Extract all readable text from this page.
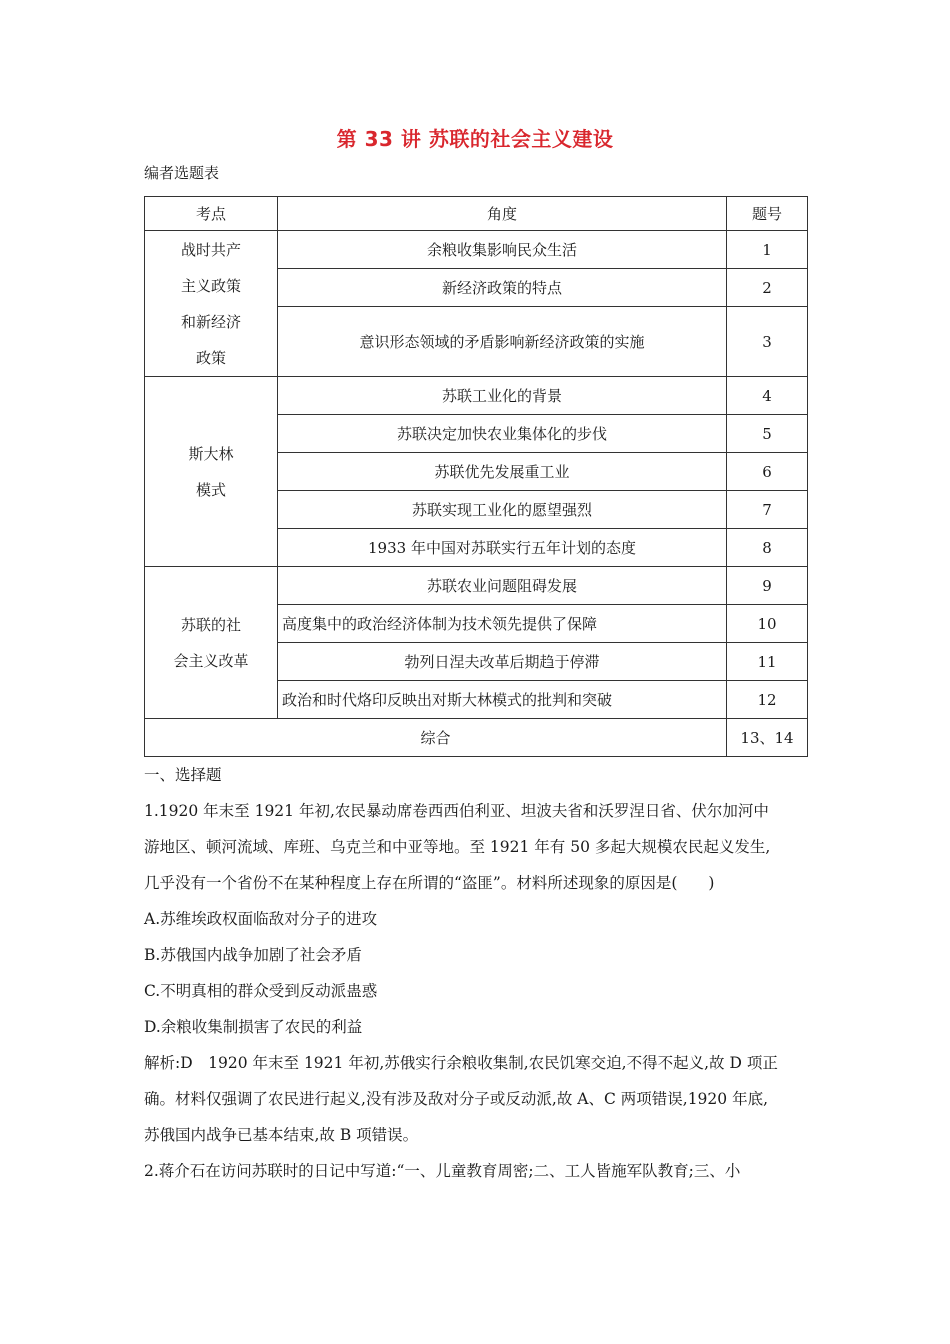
第 33 讲 苏联的社会主义建设
编者选题表
考点	角度	题号

战时共产
主义政策
和新经济
政策	余粮收集影响民众生活	1
	新经济政策的特点	2
	意识形态领域的矛盾影响新经济政策的实施	3

斯大林
模式	苏联工业化的背景	4
	苏联决定加快农业集体化的步伐	5
	苏联优先发展重工业	6
	苏联实现工业化的愿望强烈	7
	1933 年中国对苏联实行五年计划的态度	8

苏联的社
会主义改革	苏联农业问题阻碍发展	9
	高度集中的政治经济体制为技术领先提供了保障	10
	勃列日涅夫改革后期趋于停滞	11
	政治和时代烙印反映出对斯大林模式的批判和突破	12
综合		13、14

一、选择题

1.1920 年末至 1921 年初,农民暴动席卷西西伯利亚、坦波夫省和沃罗涅日省、伏尔加河中

游地区、顿河流域、库班、乌克兰和中亚等地。至 1921 年有 50 多起大规模农民起义发生,

几乎没有一个省份不在某种程度上存在所谓的“盗匪”。材料所述现象的原因是(　　)

A.苏维埃政权面临敌对分子的进攻

B.苏俄国内战争加剧了社会矛盾

C.不明真相的群众受到反动派蛊惑

D.余粮收集制损害了农民的利益

解析:D　1920 年末至 1921 年初,苏俄实行余粮收集制,农民饥寒交迫,不得不起义,故 D 项正

确。材料仅强调了农民进行起义,没有涉及敌对分子或反动派,故 A、C 两项错误,1920 年底,

苏俄国内战争已基本结束,故 B 项错误。

2.蒋介石在访问苏联时的日记中写道:“一、儿童教育周密;二、工人皆施军队教育;三、小
